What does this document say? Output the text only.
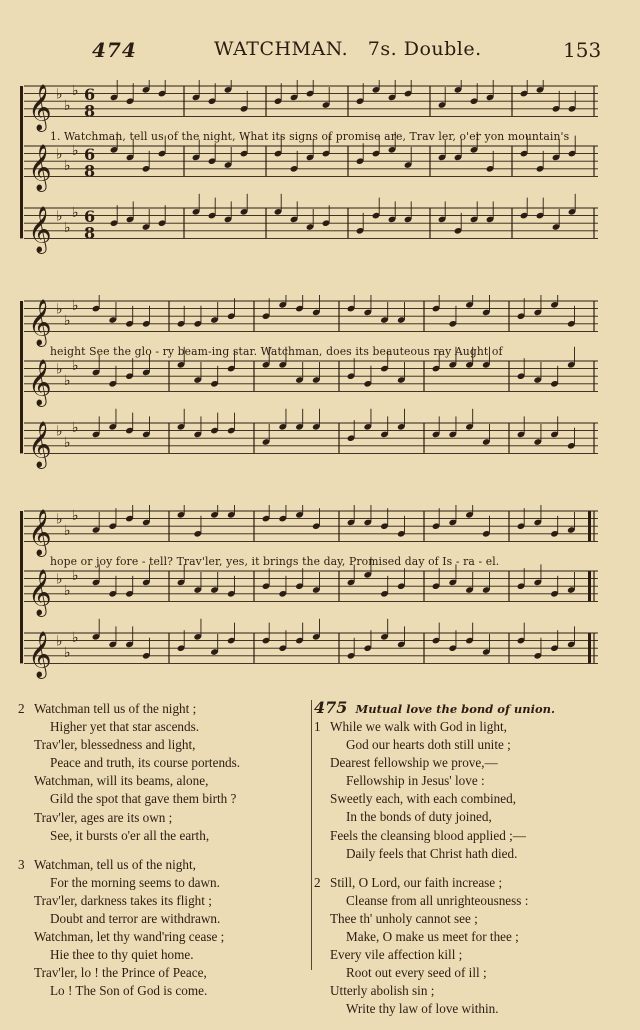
474	WATCHMAN. 7s. Double.	153
𝄞 ♭
♭
♭ 6
8
𝄞 ♭
♭
♭ 6
8
𝄞 ♭
♭
♭ 6
8
1. Watchman, tell us of the night, What its signs of promise are, Trav ler, o'er yon mountain's
𝄞 ♭
♭
♭
𝄞 ♭
♭
♭
𝄞 ♭
♭
♭
height See the glo - ry beam-ing star. Watchman, does its beauteous ray Aught of
𝄞 ♭
♭
♭
𝄞 ♭
♭
♭
𝄞 ♭
♭
♭
hope or joy fore - tell? Trav'ler, yes, it brings the day, Promised day of Is - ra - el.
2 Watchman tell us of the night ;
Higher yet that star ascends.
Trav'ler, blessedness and light,
Peace and truth, its course portends.
Watchman, will its beams, alone,
Gild the spot that gave them birth ?
Trav'ler, ages are its own ;
See, it bursts o'er all the earth,
3 Watchman, tell us of the night,
For the morning seems to dawn.
Trav'ler, darkness takes its flight ;
Doubt and terror are withdrawn.
Watchman, let thy wand'ring cease ;
Hie thee to thy quiet home.
Trav'ler, lo ! the Prince of Peace,
Lo ! The Son of God is come.
475 Mutual love the bond of union.
1 While we walk with God in light,
God our hearts doth still unite ;
Dearest fellowship we prove,—
Fellowship in Jesus' love :
Sweetly each, with each combined,
In the bonds of duty joined,
Feels the cleansing blood applied ;—
Daily feels that Christ hath died.
2 Still, O Lord, our faith increase ;
Cleanse from all unrighteousness :
Thee th' unholy cannot see ;
Make, O make us meet for thee ;
Every vile affection kill ;
Root out every seed of ill ;
Utterly abolish sin ;
Write thy law of love within.
